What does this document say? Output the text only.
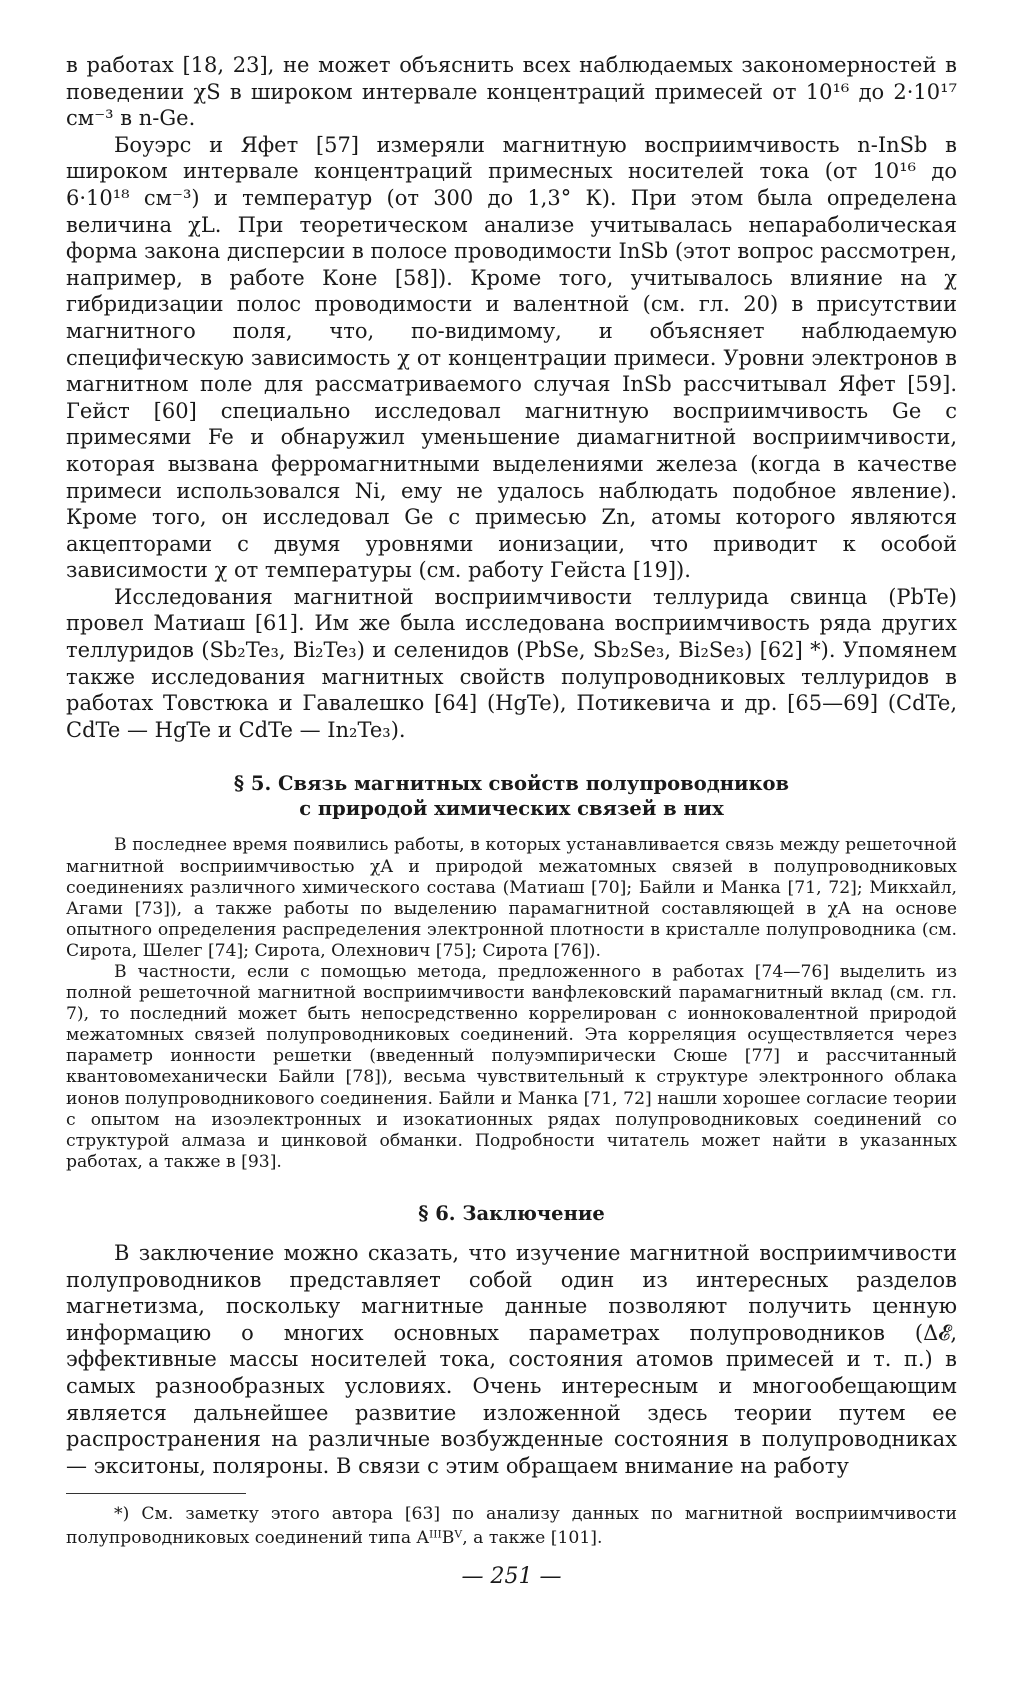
в работах [18, 23], не может объяснить всех наблюдаемых закономерностей в поведении χS в широком интервале концентраций примесей от 10¹⁶ до 2·10¹⁷ см⁻³ в n-Ge.

Боуэрс и Яфет [57] измеряли магнитную восприимчивость n-InSb в широком интервале концентраций примесных носителей тока (от 10¹⁶ до 6·10¹⁸ см⁻³) и температур (от 300 до 1,3° К). При этом была определена величина χL. При теоретическом анализе учитывалась непараболическая форма закона дисперсии в полосе проводимости InSb (этот вопрос рассмотрен, например, в работе Коне [58]). Кроме того, учитывалось влияние на χ гибридизации полос проводимости и валентной (см. гл. 20) в присутствии магнитного поля, что, по-видимому, и объясняет наблюдаемую специфическую зависимость χ от концентрации примеси. Уровни электронов в магнитном поле для рассматриваемого случая InSb рассчитывал Яфет [59]. Гейст [60] специально исследовал магнитную восприимчивость Ge с примесями Fe и обнаружил уменьшение диамагнитной восприимчивости, которая вызвана ферромагнитными выделениями железа (когда в качестве примеси использовался Ni, ему не удалось наблюдать подобное явление). Кроме того, он исследовал Ge с примесью Zn, атомы которого являются акцепторами с двумя уровнями ионизации, что приводит к особой зависимости χ от температуры (см. работу Гейста [19]).

Исследования магнитной восприимчивости теллурида свинца (PbTe) провел Матиаш [61]. Им же была исследована восприимчивость ряда других теллуридов (Sb₂Te₃, Bi₂Te₃) и селенидов (PbSe, Sb₂Se₃, Bi₂Se₃) [62] *). Упомянем также исследования магнитных свойств полупроводниковых теллуридов в работах Товстюка и Гавалешко [64] (HgTe), Потикевича и др. [65—69] (CdTe, CdTe — HgTe и CdTe — In₂Te₃).

§ 5. Связь магнитных свойств полупроводников
с природой химических связей в них

В последнее время появились работы, в которых устанавливается связь между решеточной магнитной восприимчивостью χA и природой межатомных связей в полупроводниковых соединениях различного химического состава (Матиаш [70]; Байли и Манка [71, 72]; Микхайл, Агами [73]), а также работы по выделению парамагнитной составляющей в χA на основе опытного определения распределения электронной плотности в кристалле полупроводника (см. Сирота, Шелег [74]; Сирота, Олехнович [75]; Сирота [76]).

В частности, если с помощью метода, предложенного в работах [74—76] выделить из полной решеточной магнитной восприимчивости ванфлековский парамагнитный вклад (см. гл. 7), то последний может быть непосредственно коррелирован с ионноковалентной природой межатомных связей полупроводниковых соединений. Эта корреляция осуществляется через параметр ионности решетки (введенный полуэмпирически Сюше [77] и рассчитанный квантовомеханически Байли [78]), весьма чувствительный к структуре электронного облака ионов полупроводникового соединения. Байли и Манка [71, 72] нашли хорошее согласие теории с опытом на изоэлектронных и изокатионных рядах полупроводниковых соединений со структурой алмаза и цинковой обманки. Подробности читатель может найти в указанных работах, а также в [93].

§ 6. Заключение

В заключение можно сказать, что изучение магнитной восприимчивости полупроводников представляет собой один из интересных разделов магнетизма, поскольку магнитные данные позволяют получить ценную информацию о многих основных параметрах полупроводников (Δ𝓔, эффективные массы носителей тока, состояния атомов примесей и т. п.) в самых разнообразных условиях. Очень интересным и многообещающим является дальнейшее развитие изложенной здесь теории путем ее распространения на различные возбужденные состояния в полупроводниках — экситоны, поляроны. В связи с этим обращаем внимание на работу

*) См. заметку этого автора [63] по анализу данных по магнитной восприимчивости полупроводниковых соединений типа AᴵᴵᴵBⱽ, а также [101].

— 251 —
